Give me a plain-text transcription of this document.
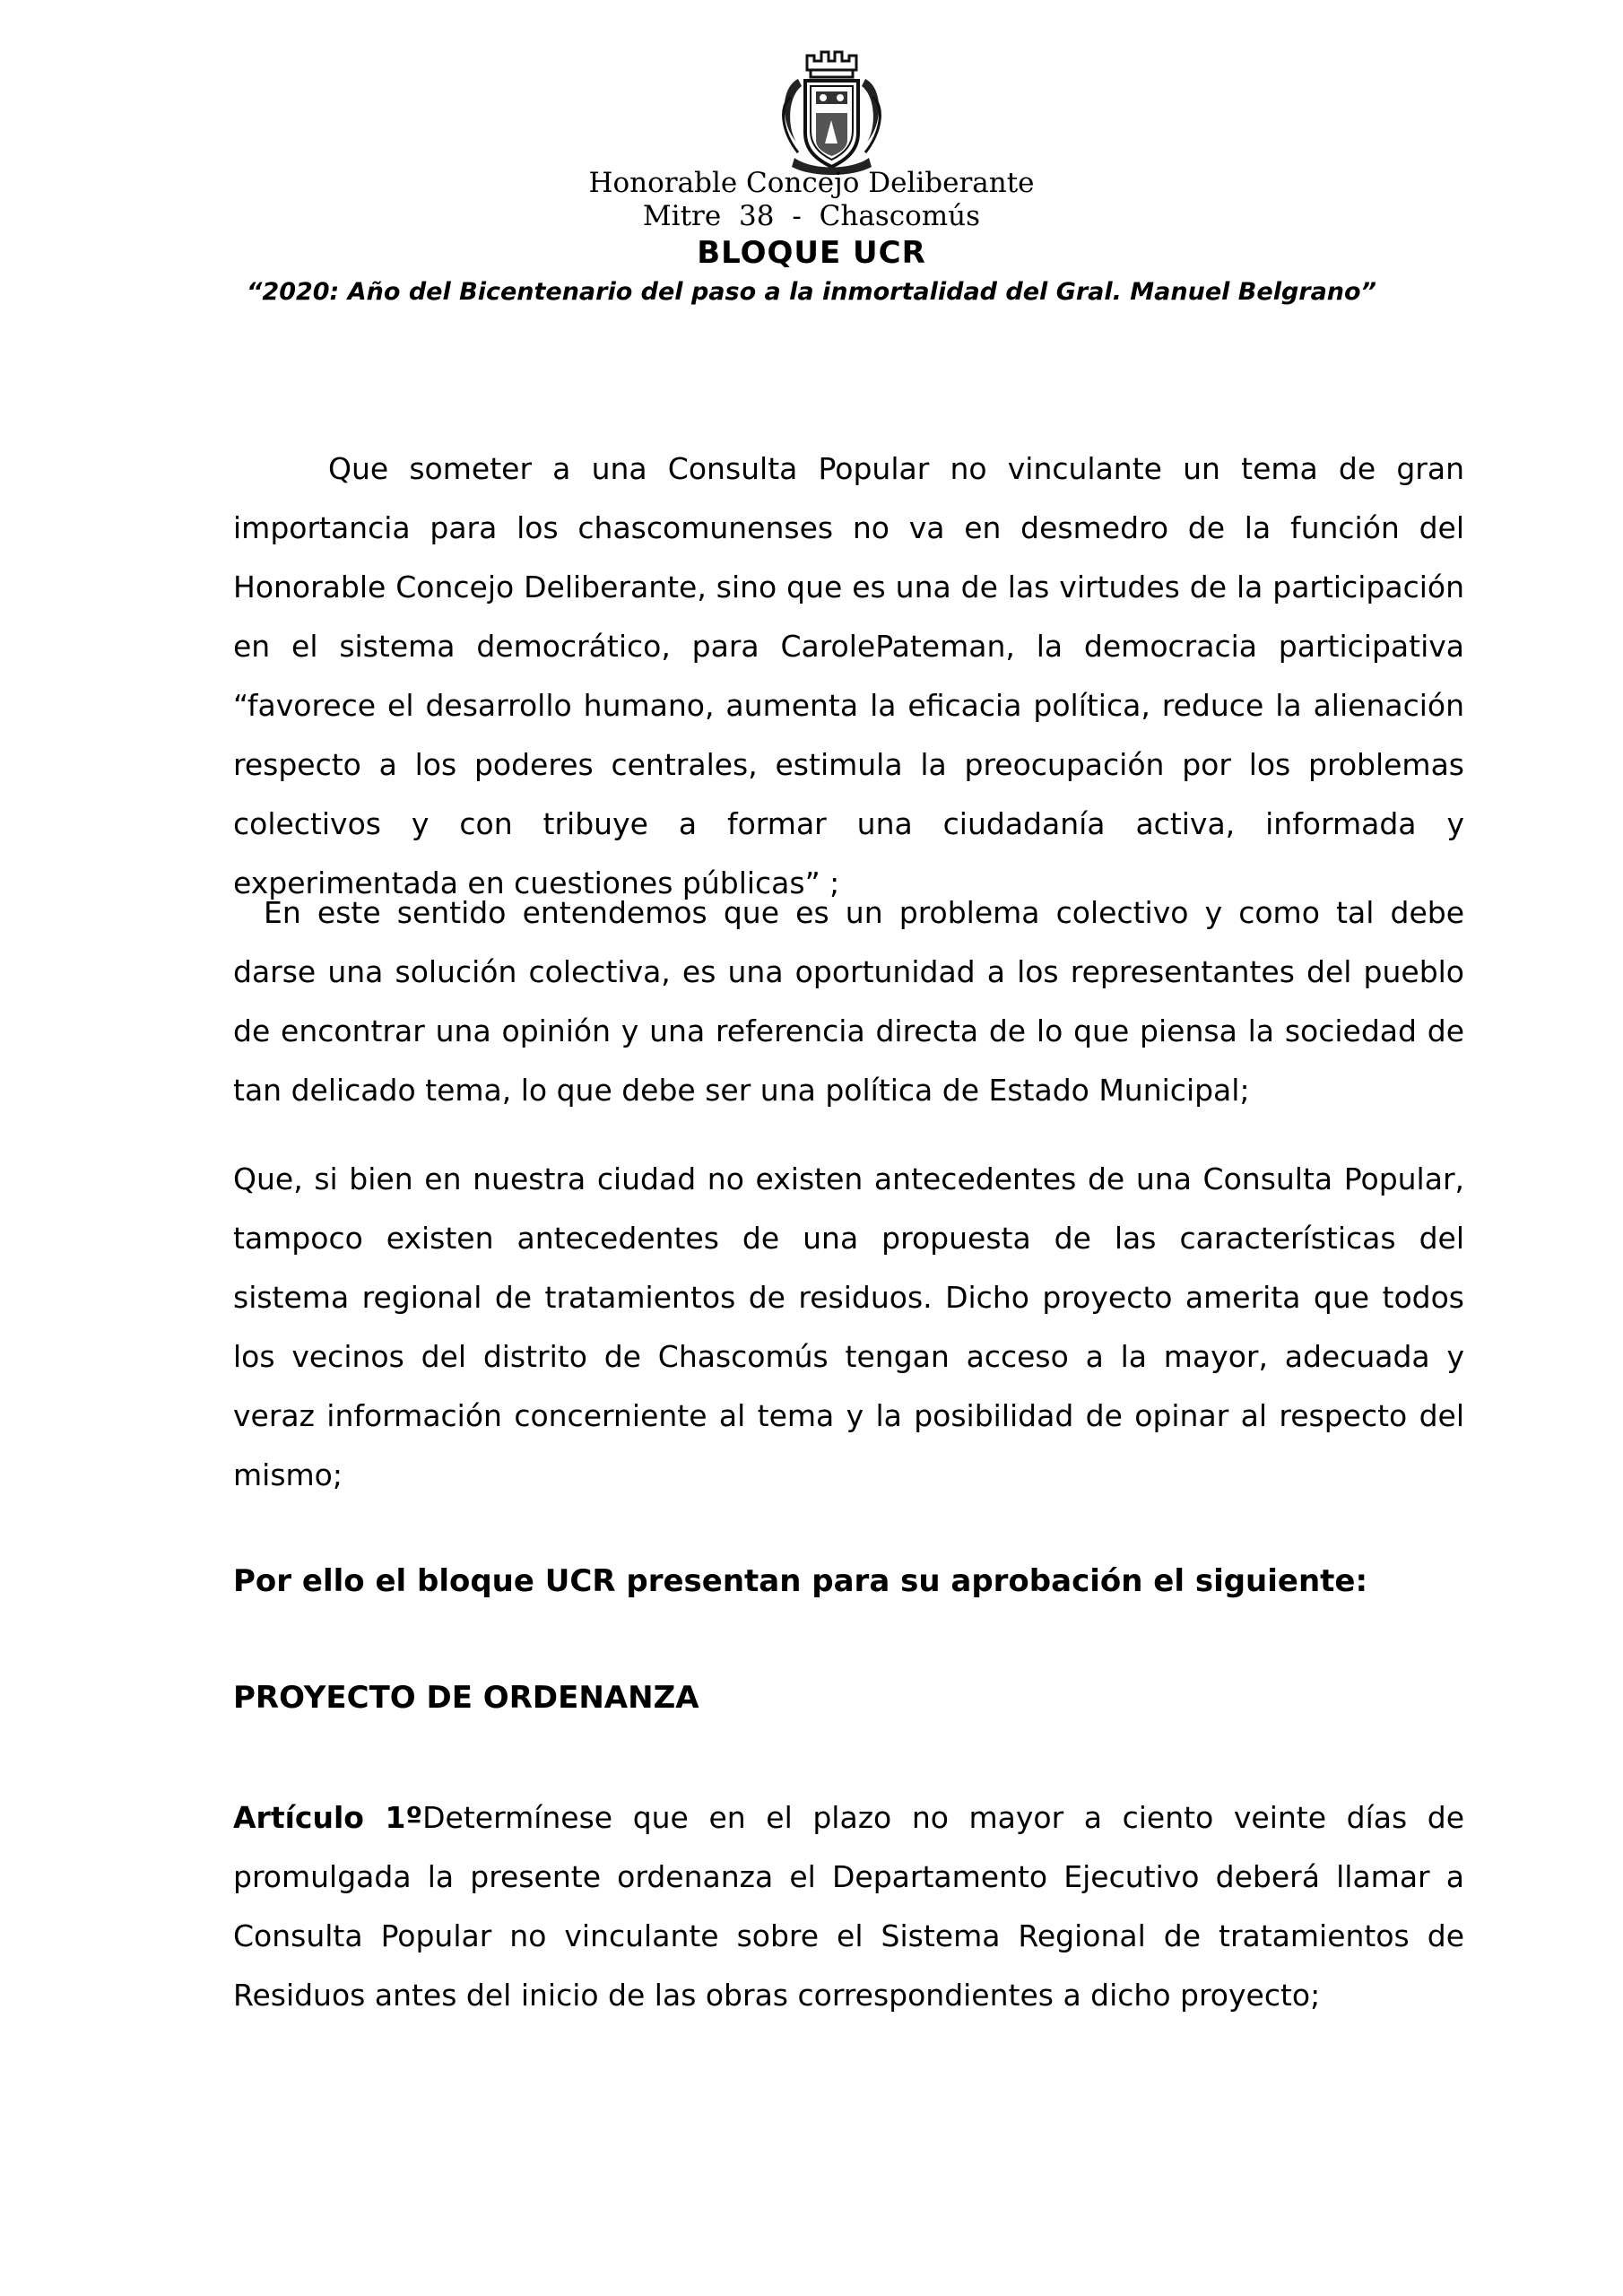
Honorable Concejo Deliberante
Mitre 38 - Chascomús
BLOQUE UCR
“2020: Año del Bicentenario del paso a la inmortalidad del Gral. Manuel Belgrano”

Que someter a una Consulta Popular no vinculante un tema de gran importancia para los chascomunenses no va en desmedro de la función del Honorable Concejo Deliberante, sino que es una de las virtudes de la participación en el sistema democrático, para CarolePateman, la democracia participativa “favorece el desarrollo humano, aumenta la eficacia política, reduce la alienación respecto a los poderes centrales, estimula la preocupación por los problemas colectivos y con tribuye a formar una ciudadanía activa, informada y experimentada en cuestiones públicas” ;

En este sentido entendemos que es un problema colectivo y como tal debe darse una solución colectiva, es una oportunidad a los representantes del pueblo de encontrar una opinión y una referencia directa de lo que piensa la sociedad de tan delicado tema, lo que debe ser una política de Estado Municipal;

Que, si bien en nuestra ciudad no existen antecedentes de una Consulta Popular, tampoco existen antecedentes de una propuesta de las características del sistema regional de tratamientos de residuos. Dicho proyecto amerita que todos los vecinos del distrito de Chascomús tengan acceso a la mayor, adecuada y veraz información concerniente al tema y la posibilidad de opinar al respecto del mismo;

Por ello el bloque UCR presentan para su aprobación el siguiente:

PROYECTO DE ORDENANZA

Artículo 1ºDetermínese que en el plazo no mayor a ciento veinte días de promulgada la presente ordenanza el Departamento Ejecutivo deberá llamar a Consulta Popular no vinculante sobre el Sistema Regional de tratamientos de Residuos antes del inicio de las obras correspondientes a dicho proyecto;
